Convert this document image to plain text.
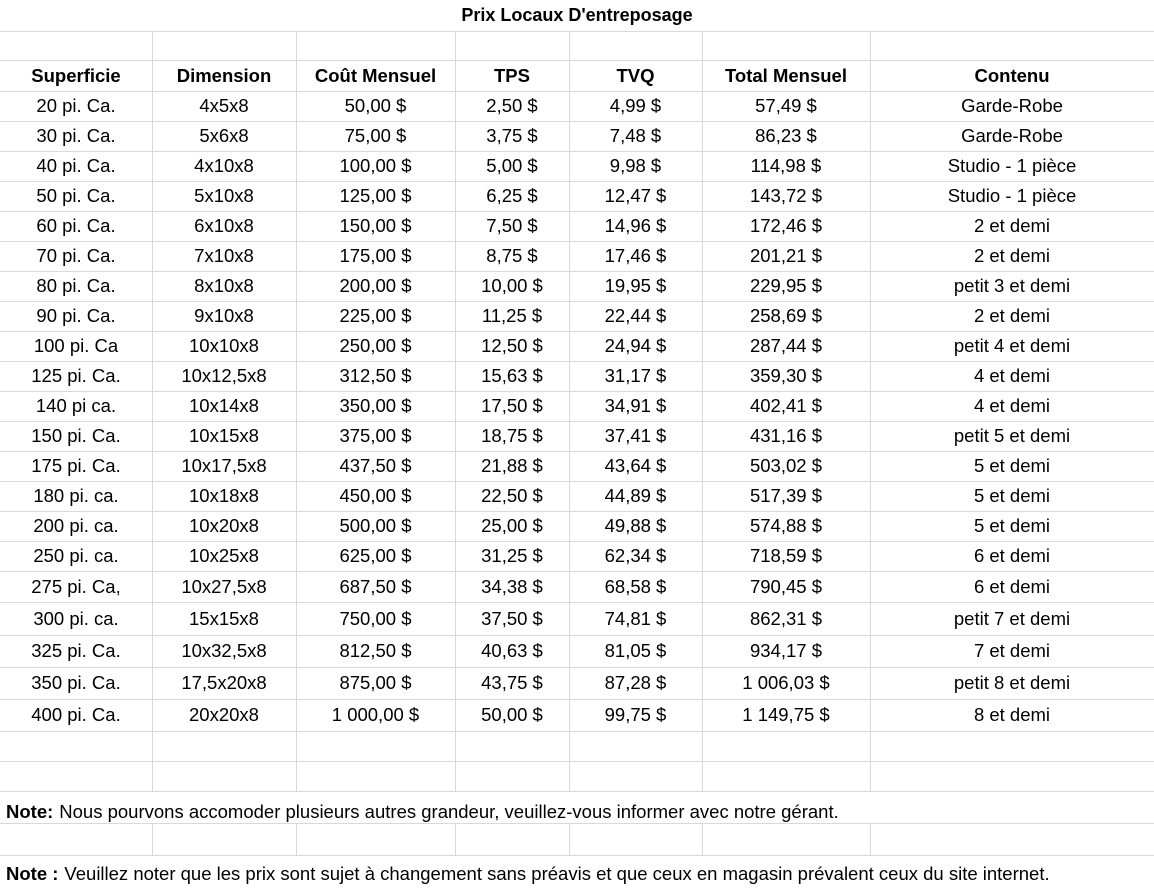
Prix Locaux D'entreposage
Superficie	Dimension	Coût Mensuel	TPS	TVQ	Total Mensuel	Contenu
20 pi. Ca.	4x5x8	50,00 $	2,50 $	4,99 $	57,49 $	Garde-Robe
30 pi. Ca.	5x6x8	75,00 $	3,75 $	7,48 $	86,23 $	Garde-Robe
40 pi. Ca.	4x10x8	100,00 $	5,00 $	9,98 $	114,98 $	Studio - 1 pièce
50 pi. Ca.	5x10x8	125,00 $	6,25 $	12,47 $	143,72 $	Studio - 1 pièce
60 pi. Ca.	6x10x8	150,00 $	7,50 $	14,96 $	172,46 $	2 et demi
70 pi. Ca.	7x10x8	175,00 $	8,75 $	17,46 $	201,21 $	2 et demi
80 pi. Ca.	8x10x8	200,00 $	10,00 $	19,95 $	229,95 $	petit 3 et demi
90 pi. Ca.	9x10x8	225,00 $	11,25 $	22,44 $	258,69 $	2 et demi
100 pi. Ca	10x10x8	250,00 $	12,50 $	24,94 $	287,44 $	petit 4 et demi
125 pi. Ca.	10x12,5x8	312,50 $	15,63 $	31,17 $	359,30 $	4 et demi
140 pi ca.	10x14x8	350,00 $	17,50 $	34,91 $	402,41 $	4 et demi
150 pi. Ca.	10x15x8	375,00 $	18,75 $	37,41 $	431,16 $	petit 5 et demi
175 pi. Ca.	10x17,5x8	437,50 $	21,88 $	43,64 $	503,02 $	5 et demi
180 pi. ca.	10x18x8	450,00 $	22,50 $	44,89 $	517,39 $	5 et demi
200 pi. ca.	10x20x8	500,00 $	25,00 $	49,88 $	574,88 $	5 et demi
250 pi. ca.	10x25x8	625,00 $	31,25 $	62,34 $	718,59 $	6 et demi
275 pi. Ca,	10x27,5x8	687,50 $	34,38 $	68,58 $	790,45 $	6 et demi
300 pi. ca.	15x15x8	750,00 $	37,50 $	74,81 $	862,31 $	petit 7 et demi
325 pi. Ca.	10x32,5x8	812,50 $	40,63 $	81,05 $	934,17 $	7 et demi
350 pi. Ca.	17,5x20x8	875,00 $	43,75 $	87,28 $	1 006,03 $	petit 8 et demi
400 pi. Ca.	20x20x8	1 000,00 $	50,00 $	99,75 $	1 149,75 $	8 et demi
Note: Nous pourvons accomoder plusieurs autres grandeur, veuillez-vous informer avec notre gérant.
Note : Veuillez noter que les prix sont sujet à changement sans préavis et que ceux en magasin prévalent ceux du site internet.
